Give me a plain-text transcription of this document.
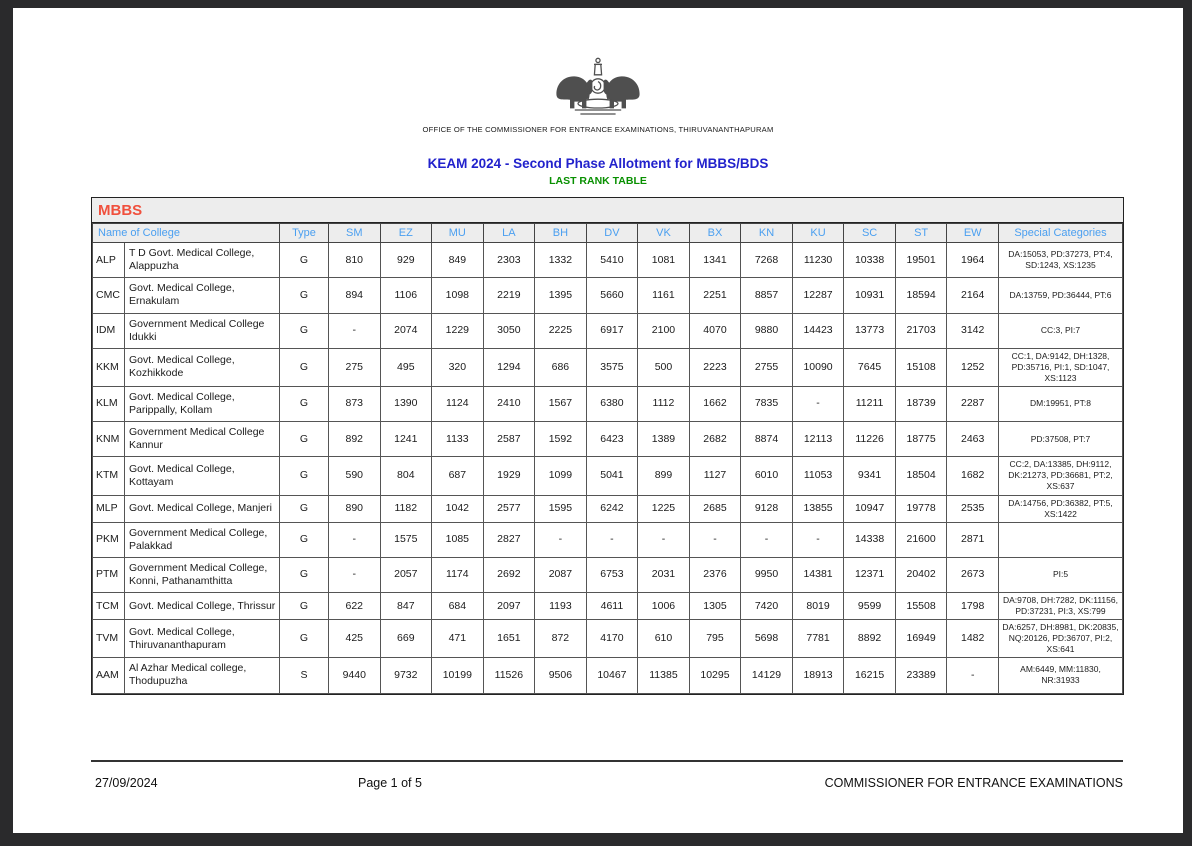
OFFICE OF THE COMMISSIONER FOR ENTRANCE EXAMINATIONS, THIRUVANANTHAPURAM
KEAM 2024 - Second Phase Allotment for MBBS/BDS
LAST RANK TABLE
MBBS
Name of College		Type	SM	EZ	MU	LA	BH	DV	VK	BX	KN	KU	SC	ST	EW	Special Categories
ALP	T D Govt. Medical College, Alappuzha	G	810	929	849	2303	1332	5410	1081	1341	7268	11230	10338	19501	1964	DA:15053, PD:37273, PT:4, SD:1243, XS:1235
CMC	Govt. Medical College, Ernakulam	G	894	1106	1098	2219	1395	5660	1161	2251	8857	12287	10931	18594	2164	DA:13759, PD:36444, PT:6
IDM	Government Medical College Idukki	G	-	2074	1229	3050	2225	6917	2100	4070	9880	14423	13773	21703	3142	CC:3, PI:7
KKM	Govt. Medical College, Kozhikkode	G	275	495	320	1294	686	3575	500	2223	2755	10090	7645	15108	1252	CC:1, DA:9142, DH:1328, PD:35716, PI:1, SD:1047, XS:1123
KLM	Govt. Medical College, Parippally, Kollam	G	873	1390	1124	2410	1567	6380	1112	1662	7835	-	11211	18739	2287	DM:19951, PT:8
KNM	Government Medical College Kannur	G	892	1241	1133	2587	1592	6423	1389	2682	8874	12113	11226	18775	2463	PD:37508, PT:7
KTM	Govt. Medical College, Kottayam	G	590	804	687	1929	1099	5041	899	1127	6010	11053	9341	18504	1682	CC:2, DA:13385, DH:9112, DK:21273, PD:36681, PT:2, XS:637
MLP	Govt. Medical College, Manjeri	G	890	1182	1042	2577	1595	6242	1225	2685	9128	13855	10947	19778	2535	DA:14756, PD:36382, PT:5, XS:1422
PKM	Government Medical College, Palakkad	G	-	1575	1085	2827	-	-	-	-	-	-	14338	21600	2871	
PTM	Government Medical College, Konni, Pathanamthitta	G	-	2057	1174	2692	2087	6753	2031	2376	9950	14381	12371	20402	2673	PI:5
TCM	Govt. Medical College, Thrissur	G	622	847	684	2097	1193	4611	1006	1305	7420	8019	9599	15508	1798	DA:9708, DH:7282, DK:11156, PD:37231, PI:3, XS:799
TVM	Govt. Medical College, Thiruvananthapuram	G	425	669	471	1651	872	4170	610	795	5698	7781	8892	16949	1482	DA:6257, DH:8981, DK:20835, NQ:20126, PD:36707, PI:2, XS:641
AAM	Al Azhar Medical college, Thodupuzha	S	9440	9732	10199	11526	9506	10467	11385	10295	14129	18913	16215	23389	-	AM:6449, MM:11830, NR:31933
27/09/2024	Page 1 of 5	COMMISSIONER FOR ENTRANCE EXAMINATIONS
